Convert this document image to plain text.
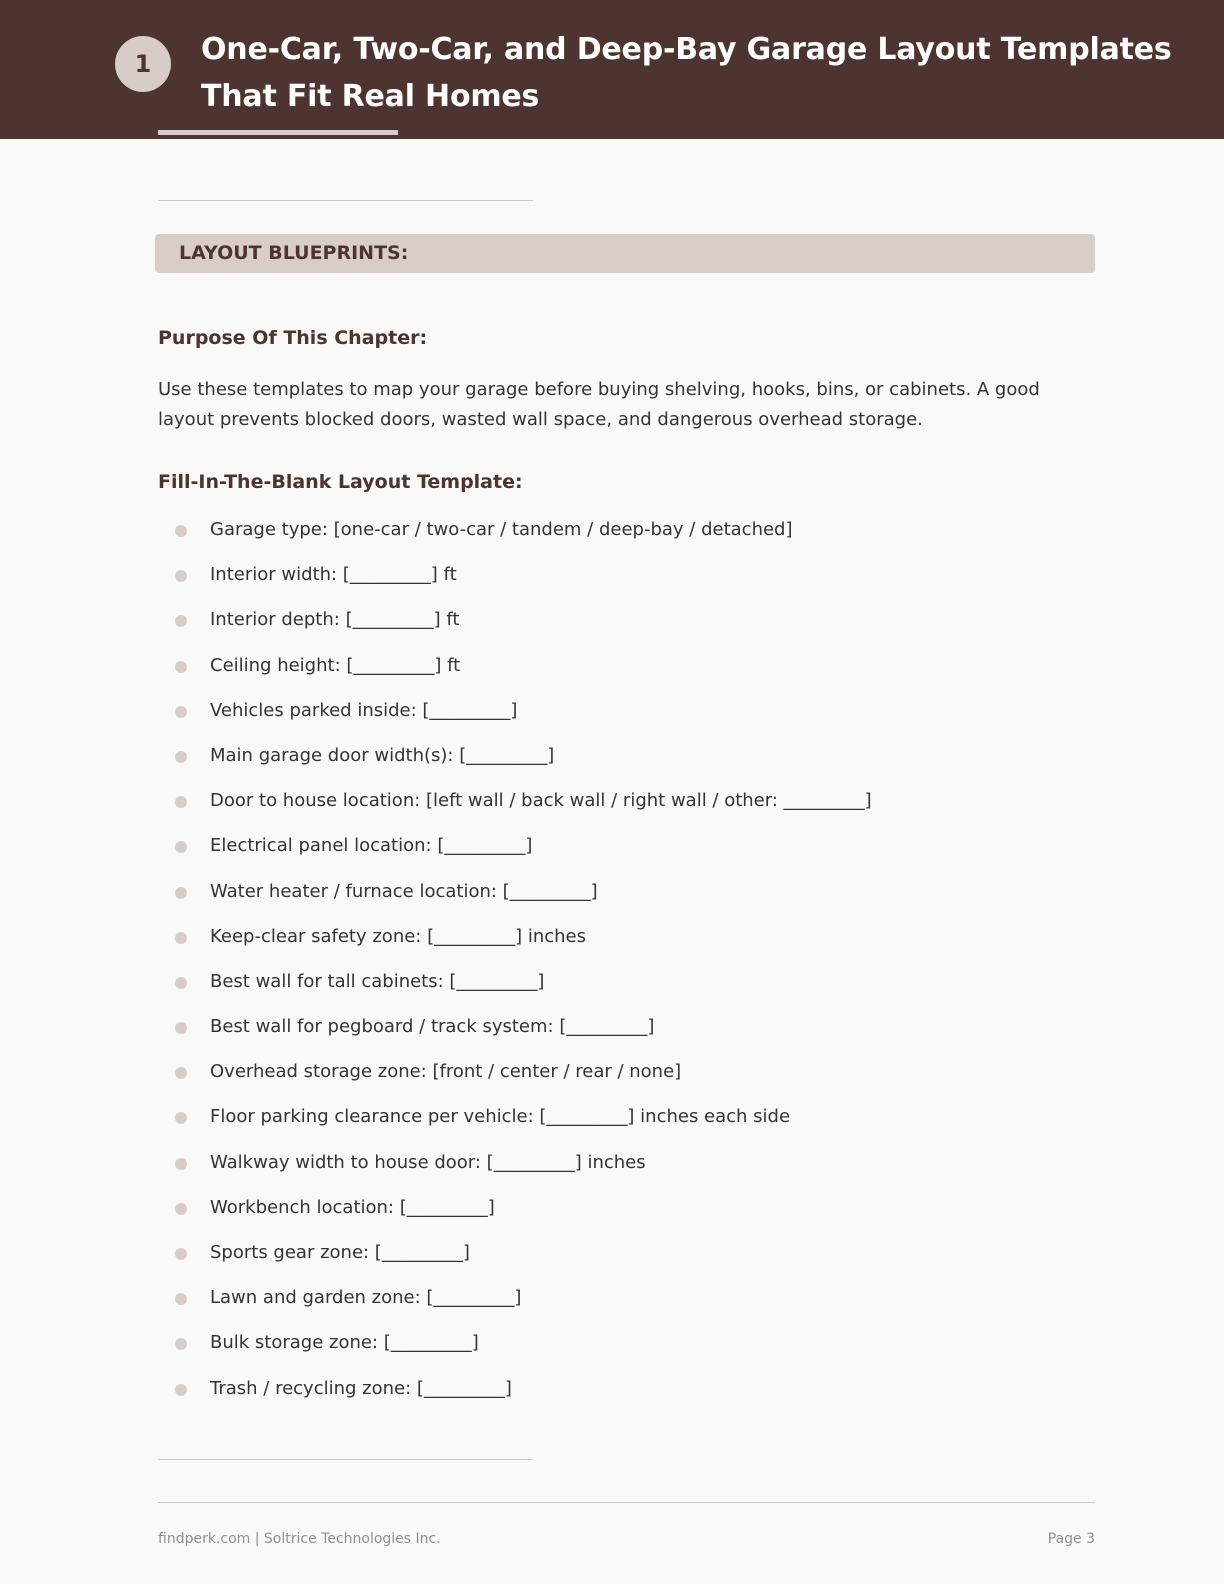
1	One-Car, Two-Car, and Deep-Bay Garage Layout Templates
That Fit Real Homes
LAYOUT BLUEPRINTS:
Purpose Of This Chapter:
Use these templates to map your garage before buying shelving, hooks, bins, or cabinets. A good layout prevents blocked doors, wasted wall space, and dangerous overhead storage.
Fill-In-The-Blank Layout Template:
Garage type: [one-car / two-car / tandem / deep-bay / detached]
Interior width: [_________] ft
Interior depth: [_________] ft
Ceiling height: [_________] ft
Vehicles parked inside: [_________]
Main garage door width(s): [_________]
Door to house location: [left wall / back wall / right wall / other: _________]
Electrical panel location: [_________]
Water heater / furnace location: [_________]
Keep-clear safety zone: [_________] inches
Best wall for tall cabinets: [_________]
Best wall for pegboard / track system: [_________]
Overhead storage zone: [front / center / rear / none]
Floor parking clearance per vehicle: [_________] inches each side
Walkway width to house door: [_________] inches
Workbench location: [_________]
Sports gear zone: [_________]
Lawn and garden zone: [_________]
Bulk storage zone: [_________]
Trash / recycling zone: [_________]
findperk.com | Soltrice Technologies Inc.	Page 3
